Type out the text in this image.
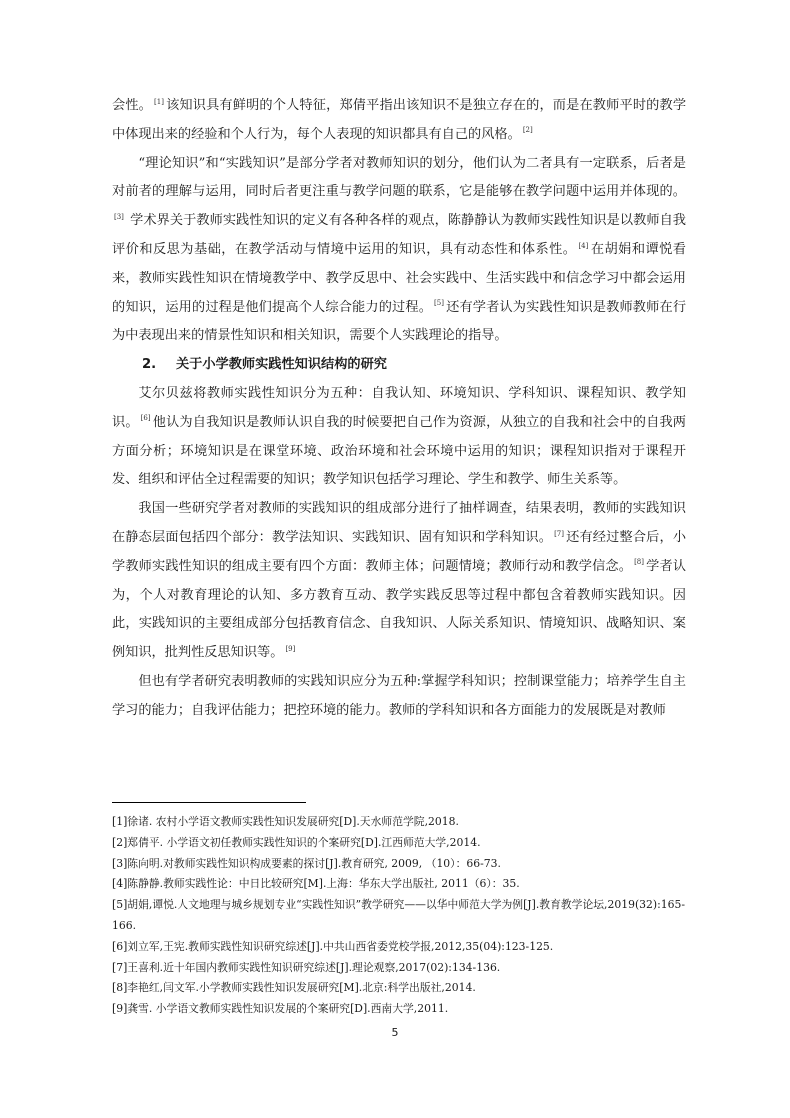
会性。 [1] 该知识具有鲜明的个人特征，郑倩平指出该知识不是独立存在的，而是在教师平时的教学中体现出来的经验和个人行为，每个人表现的知识都具有自己的风格。 [2]

“理论知识”和“实践知识”是部分学者对教师知识的划分，他们认为二者具有一定联系，后者是对前者的理解与运用，同时后者更注重与教学问题的联系，它是能够在教学问题中运用并体现的。[3] 学术界关于教师实践性知识的定义有各种各样的观点，陈静静认为教师实践性知识是以教师自我评价和反思为基础，在教学活动与情境中运用的知识，具有动态性和体系性。 [4] 在胡娟和谭悦看来，教师实践性知识在情境教学中、教学反思中、社会实践中、生活实践中和信念学习中都会运用的知识，运用的过程是他们提高个人综合能力的过程。 [5] 还有学者认为实践性知识是教师教师在行为中表现出来的情景性知识和相关知识，需要个人实践理论的指导。

2. 关于小学教师实践性知识结构的研究

艾尔贝兹将教师实践性知识分为五种：自我认知、环境知识、学科知识、课程知识、教学知识。 [6] 他认为自我知识是教师认识自我的时候要把自己作为资源，从独立的自我和社会中的自我两方面分析；环境知识是在课堂环境、政治环境和社会环境中运用的知识；课程知识指对于课程开发、组织和评估全过程需要的知识；教学知识包括学习理论、学生和教学、师生关系等。

我国一些研究学者对教师的实践知识的组成部分进行了抽样调查，结果表明，教师的实践知识在静态层面包括四个部分：教学法知识、实践知识、固有知识和学科知识。 [7] 还有经过整合后，小学教师实践性知识的组成主要有四个方面：教师主体；问题情境；教师行动和教学信念。 [8] 学者认为，个人对教育理论的认知、多方教育互动、教学实践反思等过程中都包含着教师实践知识。因此，实践知识的主要组成部分包括教育信念、自我知识、人际关系知识、情境知识、战略知识、案例知识，批判性反思知识等。 [9]

但也有学者研究表明教师的实践知识应分为五种:掌握学科知识；控制课堂能力；培养学生自主学习的能力；自我评估能力；把控环境的能力。教师的学科知识和各方面能力的发展既是对教师

[1]徐诸. 农村小学语文教师实践性知识发展研究[D].天水师范学院,2018.
[2]郑倩平. 小学语文初任教师实践性知识的个案研究[D].江西师范大学,2014.
[3]陈向明.对教师实践性知识构成要素的探讨[J].教育研究, 2009, （10）：66-73.
[4]陈静静.教师实践性论：中日比较研究[M].上海：华东大学出版社, 2011（6）：35.
[5]胡娟,谭悦.人文地理与城乡规划专业“实践性知识”教学研究——以华中师范大学为例[J].教育教学论坛,2019(32):165-166.
[6]刘立军,王宪.教师实践性知识研究综述[J].中共山西省委党校学报,2012,35(04):123-125.
[7]王喜利.近十年国内教师实践性知识研究综述[J].理论观察,2017(02):134-136.
[8]李艳红,闫文军.小学教师实践性知识发展研究[M].北京:科学出版社,2014.
[9]龚雪. 小学语文教师实践性知识发展的个案研究[D].西南大学,2011.
5
